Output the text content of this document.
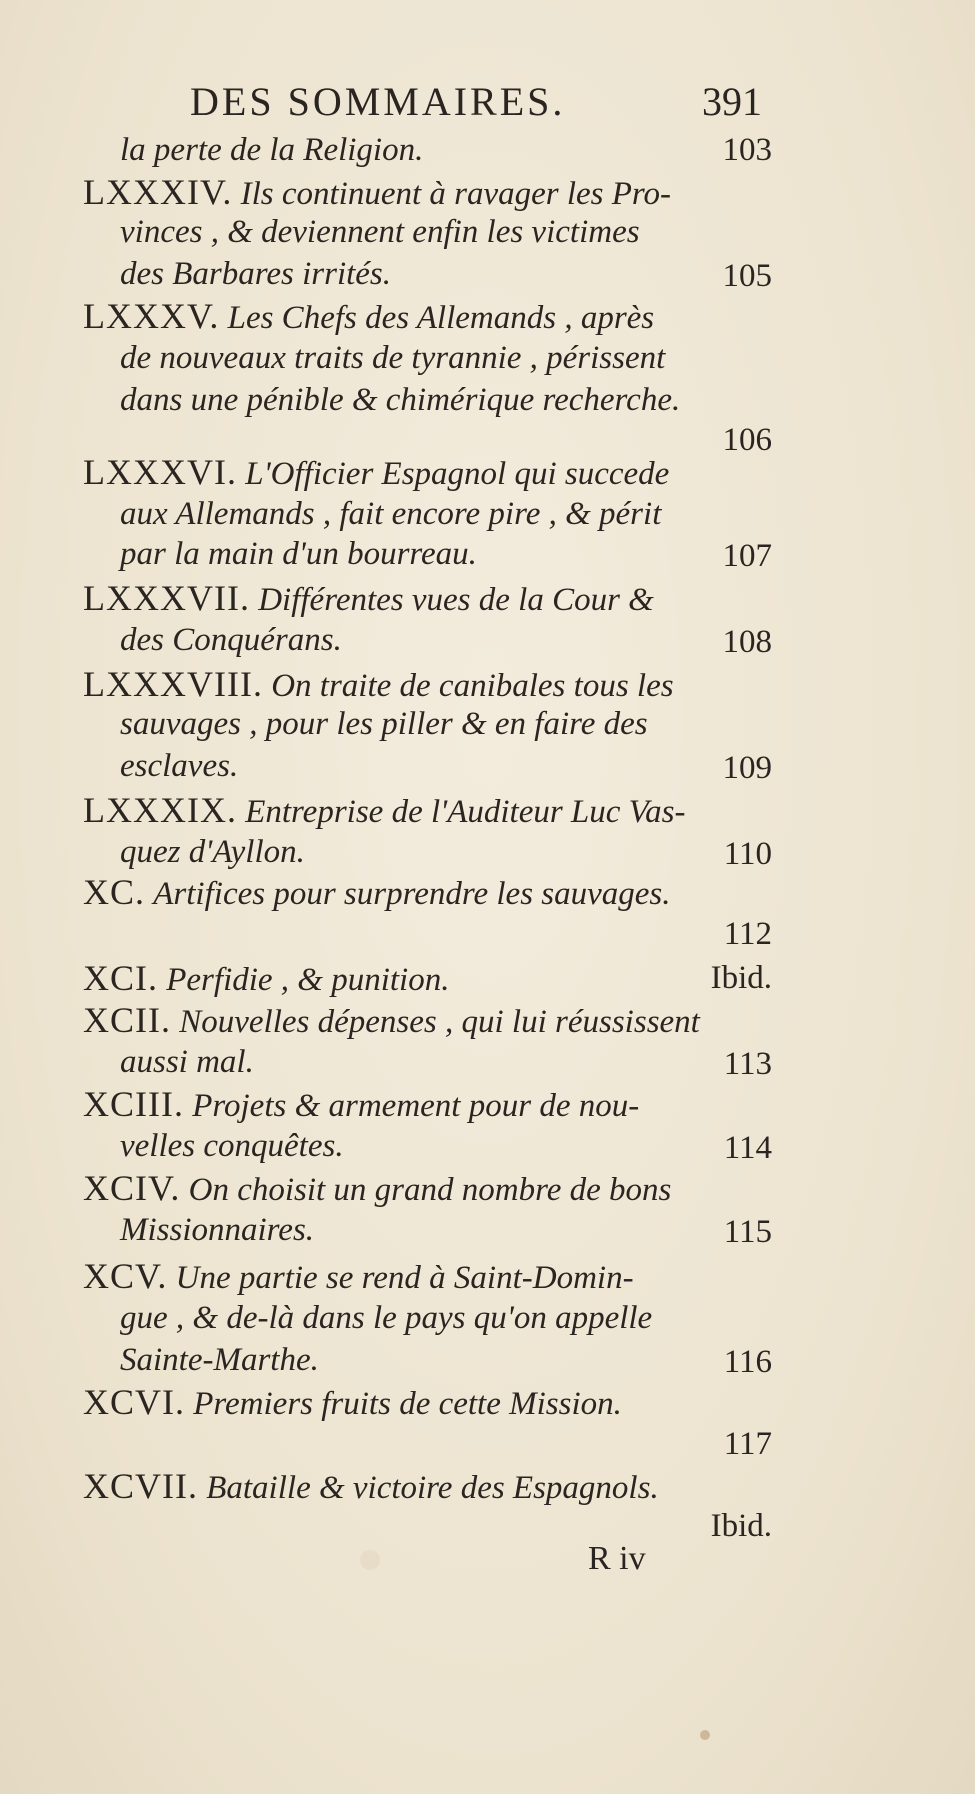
DES SOMMAIRES.	391
la perte de la Religion.	103
LXXXIV. Ils continuent à ravager les Pro-
vinces , & deviennent enfin les victimes
des Barbares irrités.	105
LXXXV. Les Chefs des Allemands , après
de nouveaux traits de tyrannie , périssent
dans une pénible & chimérique recherche.
106
LXXXVI. L'Officier Espagnol qui succede
aux Allemands , fait encore pire , & périt
par la main d'un bourreau.	107
LXXXVII. Différentes vues de la Cour &
des Conquérans.	108
LXXXVIII. On traite de canibales tous les
sauvages , pour les piller & en faire des
esclaves.	109
LXXXIX. Entreprise de l'Auditeur Luc Vas-
quez d'Ayllon.	110
XC. Artifices pour surprendre les sauvages.
112
XCI. Perfidie , & punition.	Ibid.
XCII. Nouvelles dépenses , qui lui réussissent
aussi mal.	113
XCIII. Projets & armement pour de nou-
velles conquêtes.	114
XCIV. On choisit un grand nombre de bons
Missionnaires.	115
XCV. Une partie se rend à Saint-Domin-
gue , & de-là dans le pays qu'on appelle
Sainte-Marthe.	116
XCVI. Premiers fruits de cette Mission.
117
XCVII. Bataille & victoire des Espagnols.
Ibid.
R iv
